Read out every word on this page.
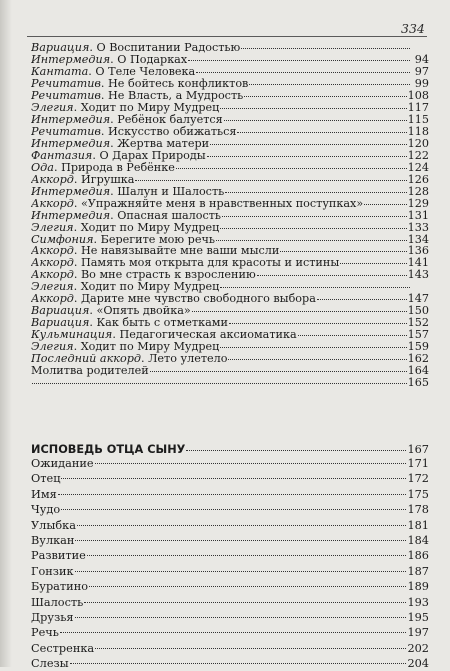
334
Вариация. О Воспитании Радостью
Интермедия. О Подарках	94
Кантата. О Теле Человека	97
Речитатив. Не бойтесь конфликтов	99
Речитатив. Не Власть, а Мудрость	108
Элегия. Ходит по Миру Мудрец	117
Интермедия. Ребёнок балуется	115
Речитатив. Искусство обижаться	118
Интермедия. Жертва матери	120
Фантазия. О Дарах Природы	122
Ода. Природа в Ребёнке	124
Аккорд. Игрушка	126
Интермедия. Шалун и Шалость	128
Аккорд. «Упражняйте меня в нравственных поступках»	129
Интермедия. Опасная шалость	131
Элегия. Ходит по Миру Мудрец	133
Симфония. Берегите мою речь	134
Аккорд. Не навязывайте мне ваши мысли	136
Аккорд. Память моя открыта для красоты и истины	141
Аккорд. Во мне страсть к взрослению	143
Элегия. Ходит по Миру Мудрец
Аккорд. Дарите мне чувство свободного выбора	147
Вариация. «Опять двойка»	150
Вариация. Как быть с отметками	152
Кульминация. Педагогическая аксиоматика	157
Элегия. Ходит по Миру Мудрец	159
Последний аккорд. Лето улетело	162
Молитва родителей	164
165
ИСПОВЕДЬ ОТЦА СЫНУ	167
Ожидание	171
Отец	172
Имя	175
Чудо	178
Улыбка	181
Вулкан	184
Развитие	186
Гонзик	187
Буратино	189
Шалость	193
Друзья	195
Речь	197
Сестренка	202
Слезы	204
